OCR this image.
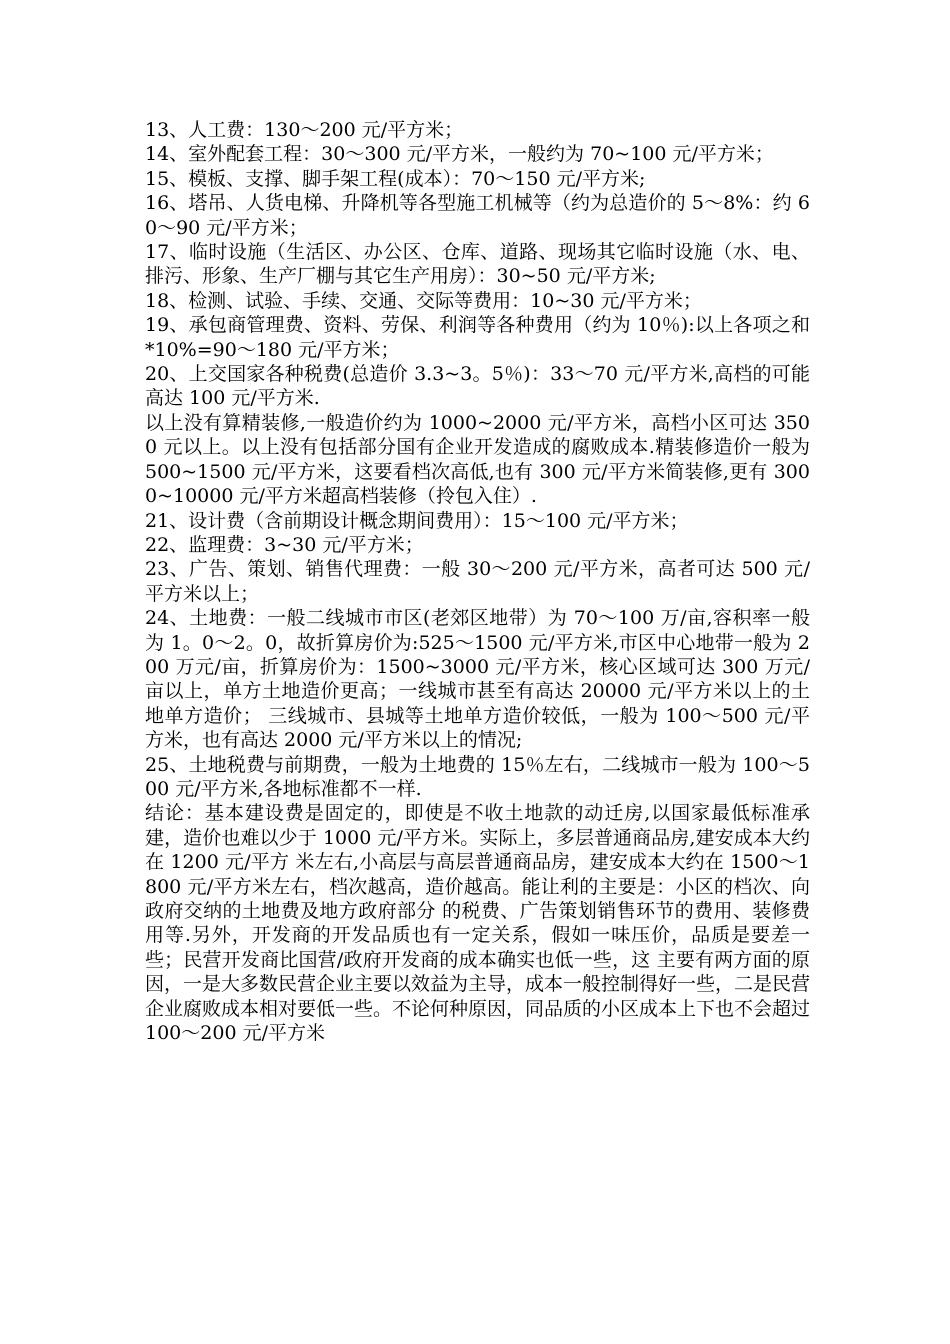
13、人工费：130～200 元/平方米；

14、室外配套工程：30～300 元/平方米，一般约为 70~100 元/平方米；

15、模板、支撑、脚手架工程(成本）：70～150 元/平方米;

16、塔吊、人货电梯、升降机等各型施工机械等（约为总造价的 5～8%：约 60～90 元/平方米；

17、临时设施（生活区、办公区、仓库、道路、现场其它临时设施（水、电、排污、形象、生产厂棚与其它生产用房）：30~50 元/平方米;

18、检测、试验、手续、交通、交际等费用：10~30 元/平方米；

19、承包商管理费、资料、劳保、利润等各种费用（约为 10％):以上各项之和*10%=90～180 元/平方米；

20、上交国家各种税费(总造价 3.3~3。5％)：33～70 元/平方米,高档的可能高达 100 元/平方米.

以上没有算精装修,一般造价约为 1000~2000 元/平方米，高档小区可达 3500 元以上。以上没有包括部分国有企业开发造成的腐败成本.精装修造价一般为 500~1500 元/平方米，这要看档次高低,也有 300 元/平方米简装修,更有 3000~10000 元/平方米超高档装修（拎包入住）.

21、设计费（含前期设计概念期间费用）：15～100 元/平方米；

22、监理费：3~30 元/平方米；

23、广告、策划、销售代理费：一般 30～200 元/平方米，高者可达 500 元/平方米以上；

24、土地费：一般二线城市市区(老郊区地带）为 70～100 万/亩,容积率一般为 1。0～2。0，故折算房价为:525～1500 元/平方米,市区中心地带一般为 200 万元/亩，折算房价为：1500~3000 元/平方米，核心区域可达 300 万元/亩以上，单方土地造价更高；一线城市甚至有高达 20000 元/平方米以上的土地单方造价； 三线城市、县城等土地单方造价较低，一般为 100～500 元/平方米，也有高达 2000 元/平方米以上的情况;

25、土地税费与前期费，一般为土地费的 15％左右，二线城市一般为 100～500 元/平方米,各地标准都不一样.

结论：基本建设费是固定的，即使是不收土地款的动迁房,以国家最低标准承建，造价也难以少于 1000 元/平方米。实际上，多层普通商品房,建安成本大约在 1200 元/平方 米左右,小高层与高层普通商品房，建安成本大约在 1500～1800 元/平方米左右，档次越高，造价越高。能让利的主要是：小区的档次、向政府交纳的土地费及地方政府部分 的税费、广告策划销售环节的费用、装修费用等.另外，开发商的开发品质也有一定关系，假如一味压价，品质是要差一些；民营开发商比国营/政府开发商的成本确实也低一些，这 主要有两方面的原因，一是大多数民营企业主要以效益为主导，成本一般控制得好一些，二是民营企业腐败成本相对要低一些。不论何种原因，同品质的小区成本上下也不会超过 100～200 元/平方米
